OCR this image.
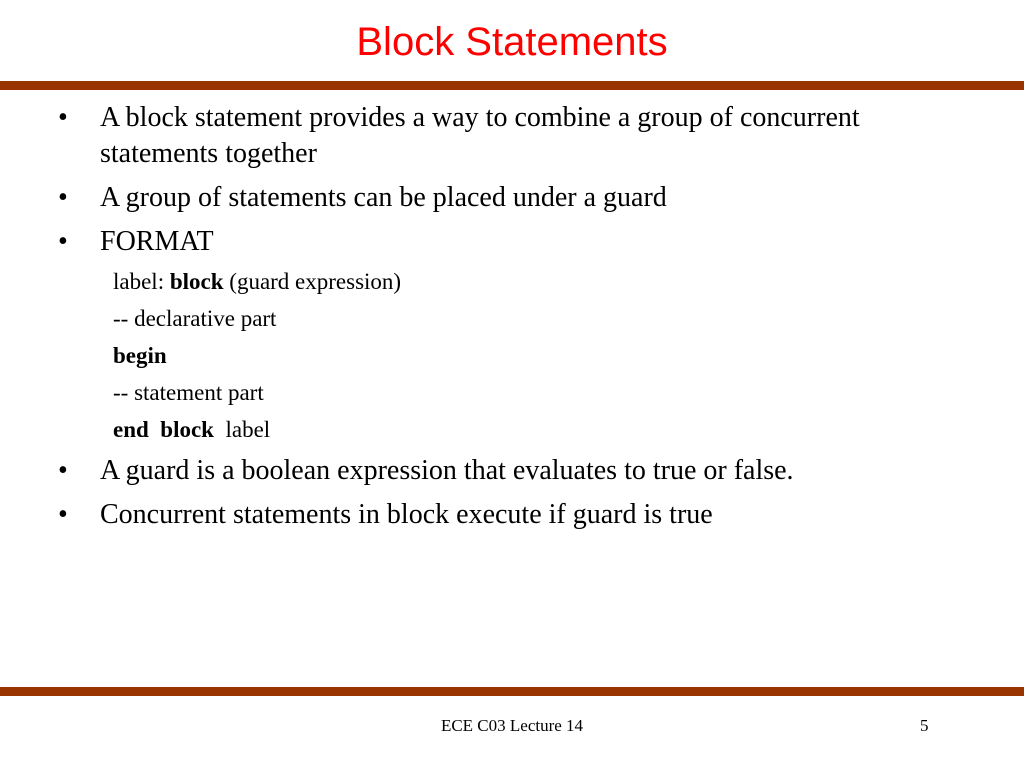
Block Statements
• A block statement provides a way to combine a group of concurrent statements together
• A group of statements can be placed under a guard
• FORMAT
label: block (guard expression)
-- declarative part
begin
-- statement part
end block label
• A guard is a boolean expression that evaluates to true or false.
• Concurrent statements in block execute if guard is true
ECE C03 Lecture 14	5
